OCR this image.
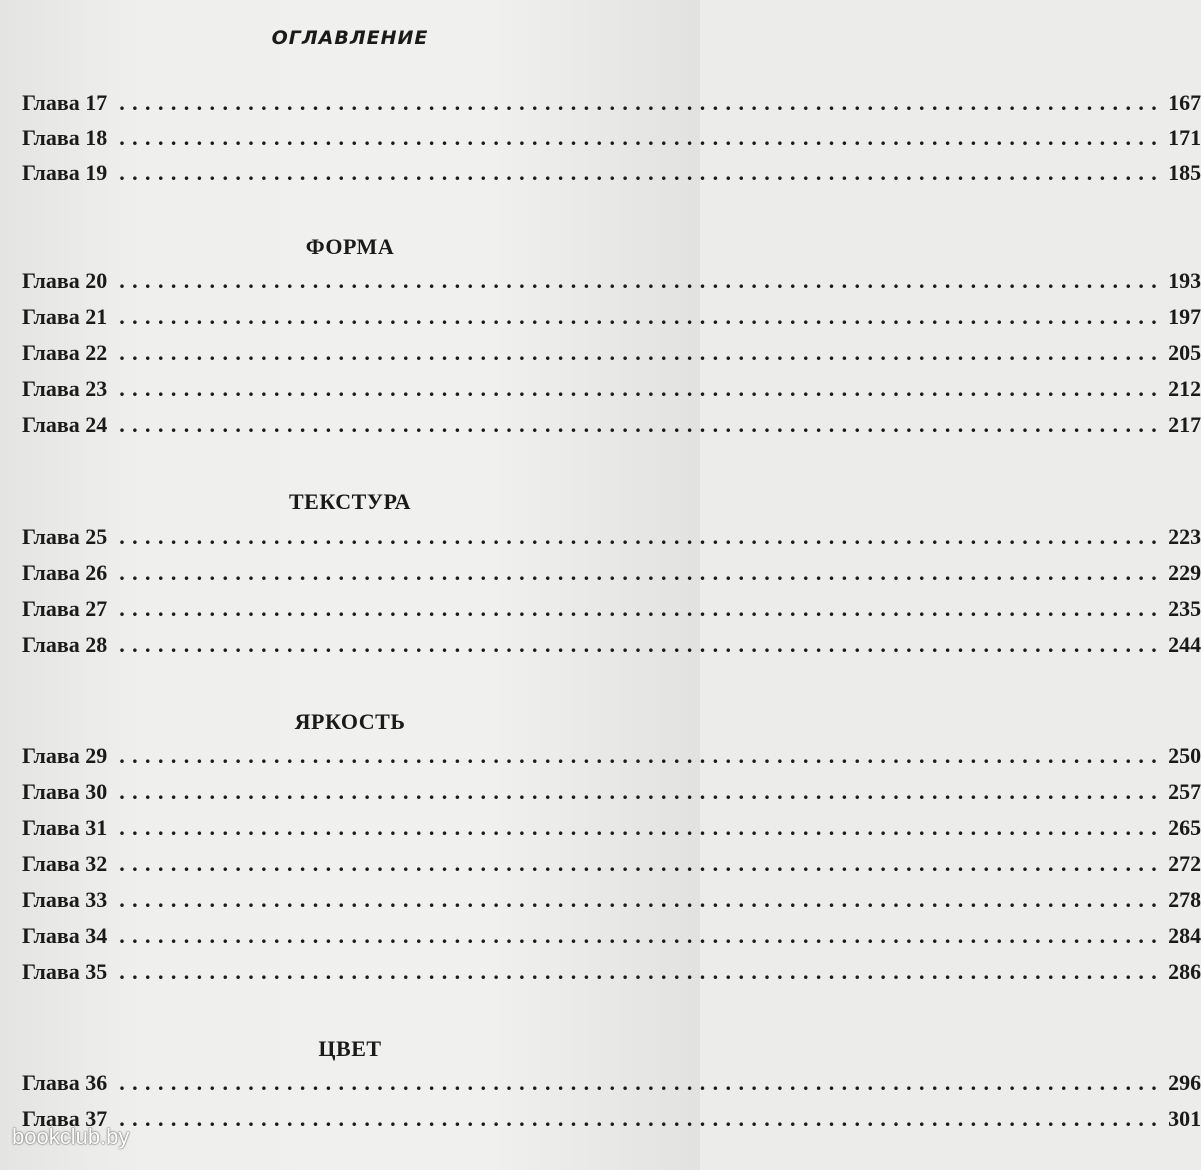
ОГЛАВЛЕНИЕ
Глава 17 ................................................................................. 167
Глава 18 ................................................................................. 171
Глава 19 ................................................................................. 185
ФОРМА
Глава 20 ................................................................................. 193
Глава 21 ................................................................................. 197
Глава 22 ................................................................................. 205
Глава 23 ................................................................................. 212
Глава 24 ................................................................................. 217
ТЕКСТУРА
Глава 25 ................................................................................. 223
Глава 26 ................................................................................. 229
Глава 27 ................................................................................. 235
Глава 28 ................................................................................. 244
ЯРКОСТЬ
Глава 29 ................................................................................. 250
Глава 30 ................................................................................. 257
Глава 31 ................................................................................. 265
Глава 32 ................................................................................. 272
Глава 33 ................................................................................. 278
Глава 34 ................................................................................. 284
Глава 35 ................................................................................. 286
ЦВЕТ
Глава 36 ................................................................................. 296
Глава 37 ................................................................................. 301
bookclub.by
